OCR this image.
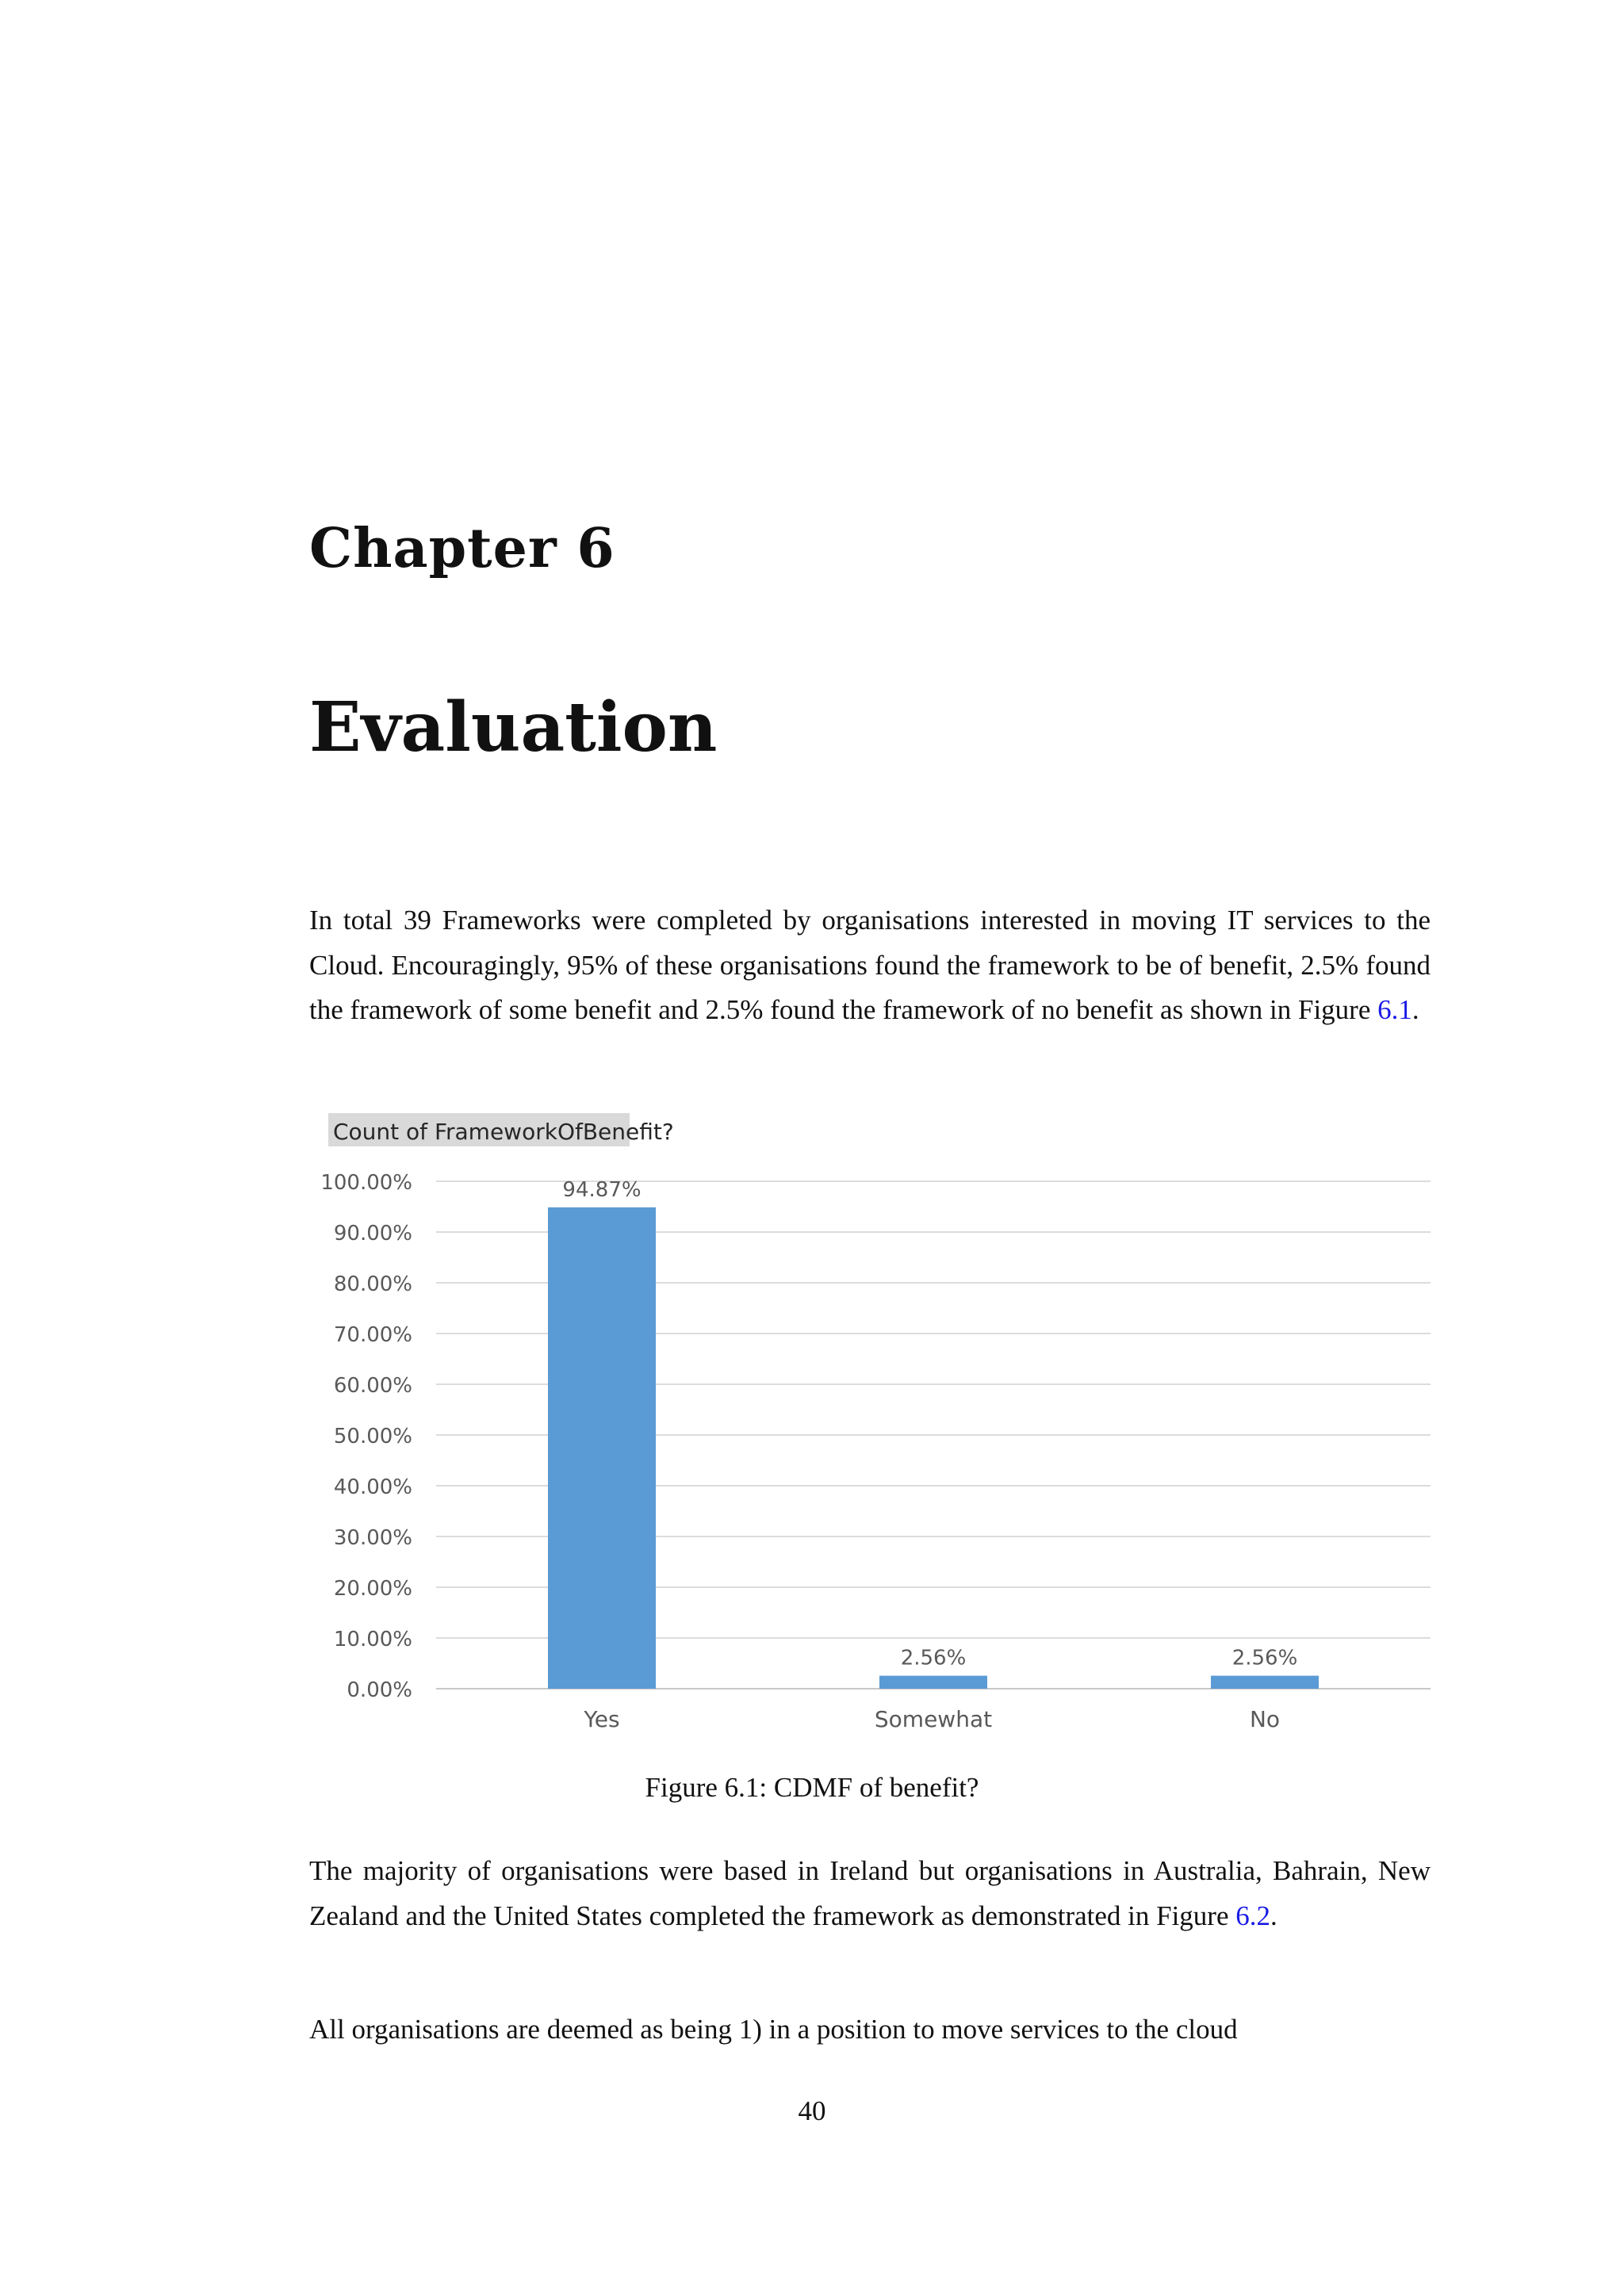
Chapter 6
Evaluation

In total 39 Frameworks were completed by organisations interested in moving IT services to the Cloud. Encouragingly, 95% of these organisations found the framework to be of benefit, 2.5% found the framework of some benefit and 2.5% found the framework of no benefit as shown in Figure 6.1.

Count of FrameworkOfBenefit?
0.00%
10.00%
20.00%
30.00%
40.00%
50.00%
60.00%
70.00%
80.00%
90.00%
100.00%	94.87%
2.56%	2.56%
Yes	Somewhat	No
Figure 6.1: CDMF of benefit?

The majority of organisations were based in Ireland but organisations in Australia, Bahrain, New Zealand and the United States completed the framework as demonstrated in Figure 6.2.

All organisations are deemed as being 1) in a position to move services to the cloud

40
